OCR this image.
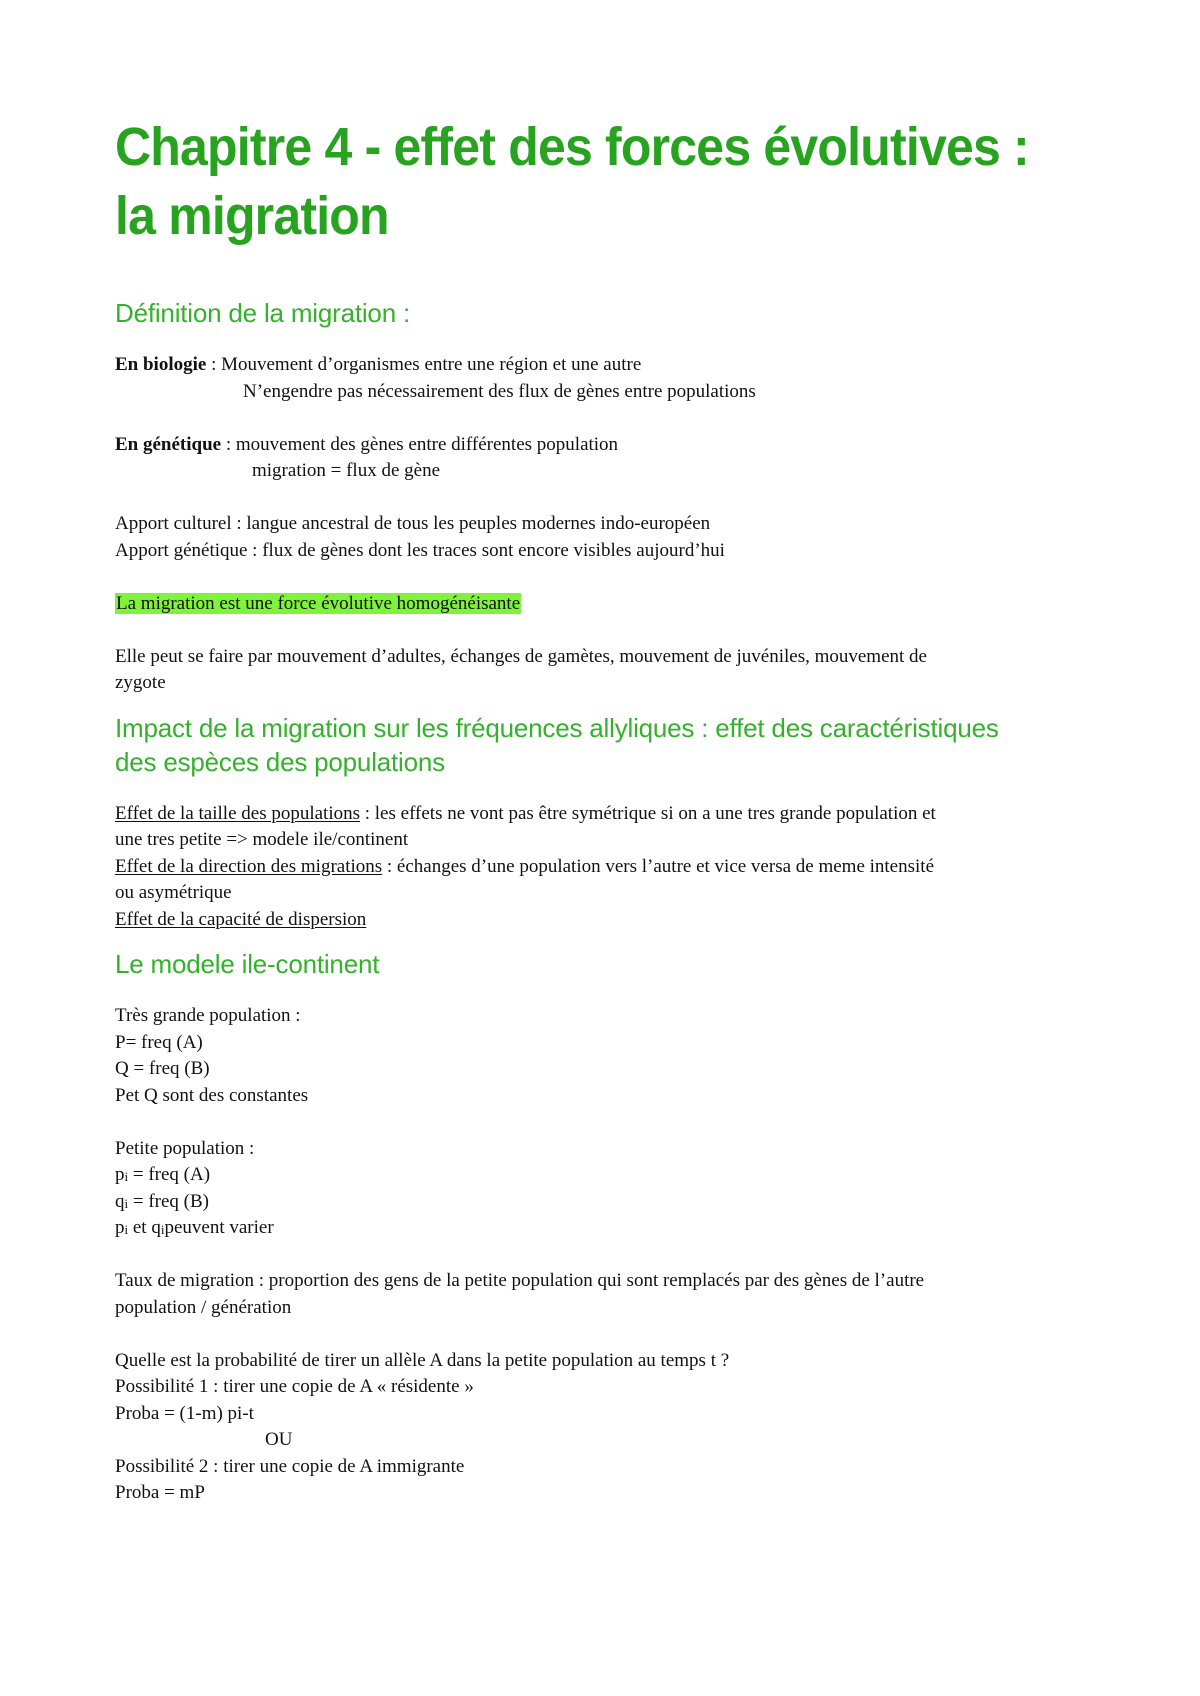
Chapitre 4 - effet des forces évolutives :
la migration
Définition de la migration :

En biologie : Mouvement d’organismes entre une région et une autre
N’engendre pas nécessairement des flux de gènes entre populations

En génétique : mouvement des gènes entre différentes population
migration = flux de gène

Apport culturel : langue ancestral de tous les peuples modernes indo-européen
Apport génétique : flux de gènes dont les traces sont encore visibles aujourd’hui

La migration est une force évolutive homogénéisante

Elle peut se faire par mouvement d’adultes, échanges de gamètes, mouvement de juvéniles, mouvement de
zygote

Impact de la migration sur les fréquences allyliques : effet des caractéristiques
des espèces des populations

Effet de la taille des populations : les effets ne vont pas être symétrique si on a une tres grande population et
une tres petite => modele ile/continent
Effet de la direction des migrations : échanges d’une population vers l’autre et vice versa de meme intensité
ou asymétrique
Effet de la capacité de dispersion

Le modele ile-continent

Très grande population :
P= freq (A)
Q = freq (B)
Pet Q sont des constantes

Petite population :
pi = freq (A)
qi = freq (B)
pi et qipeuvent varier

Taux de migration : proportion des gens de la petite population qui sont remplacés par des gènes de l’autre
population / génération

Quelle est la probabilité de tirer un allèle A dans la petite population au temps t ?
Possibilité 1 : tirer une copie de A « résidente »
Proba = (1-m) pi-t
OU
Possibilité 2 : tirer une copie de A immigrante
Proba = mP
